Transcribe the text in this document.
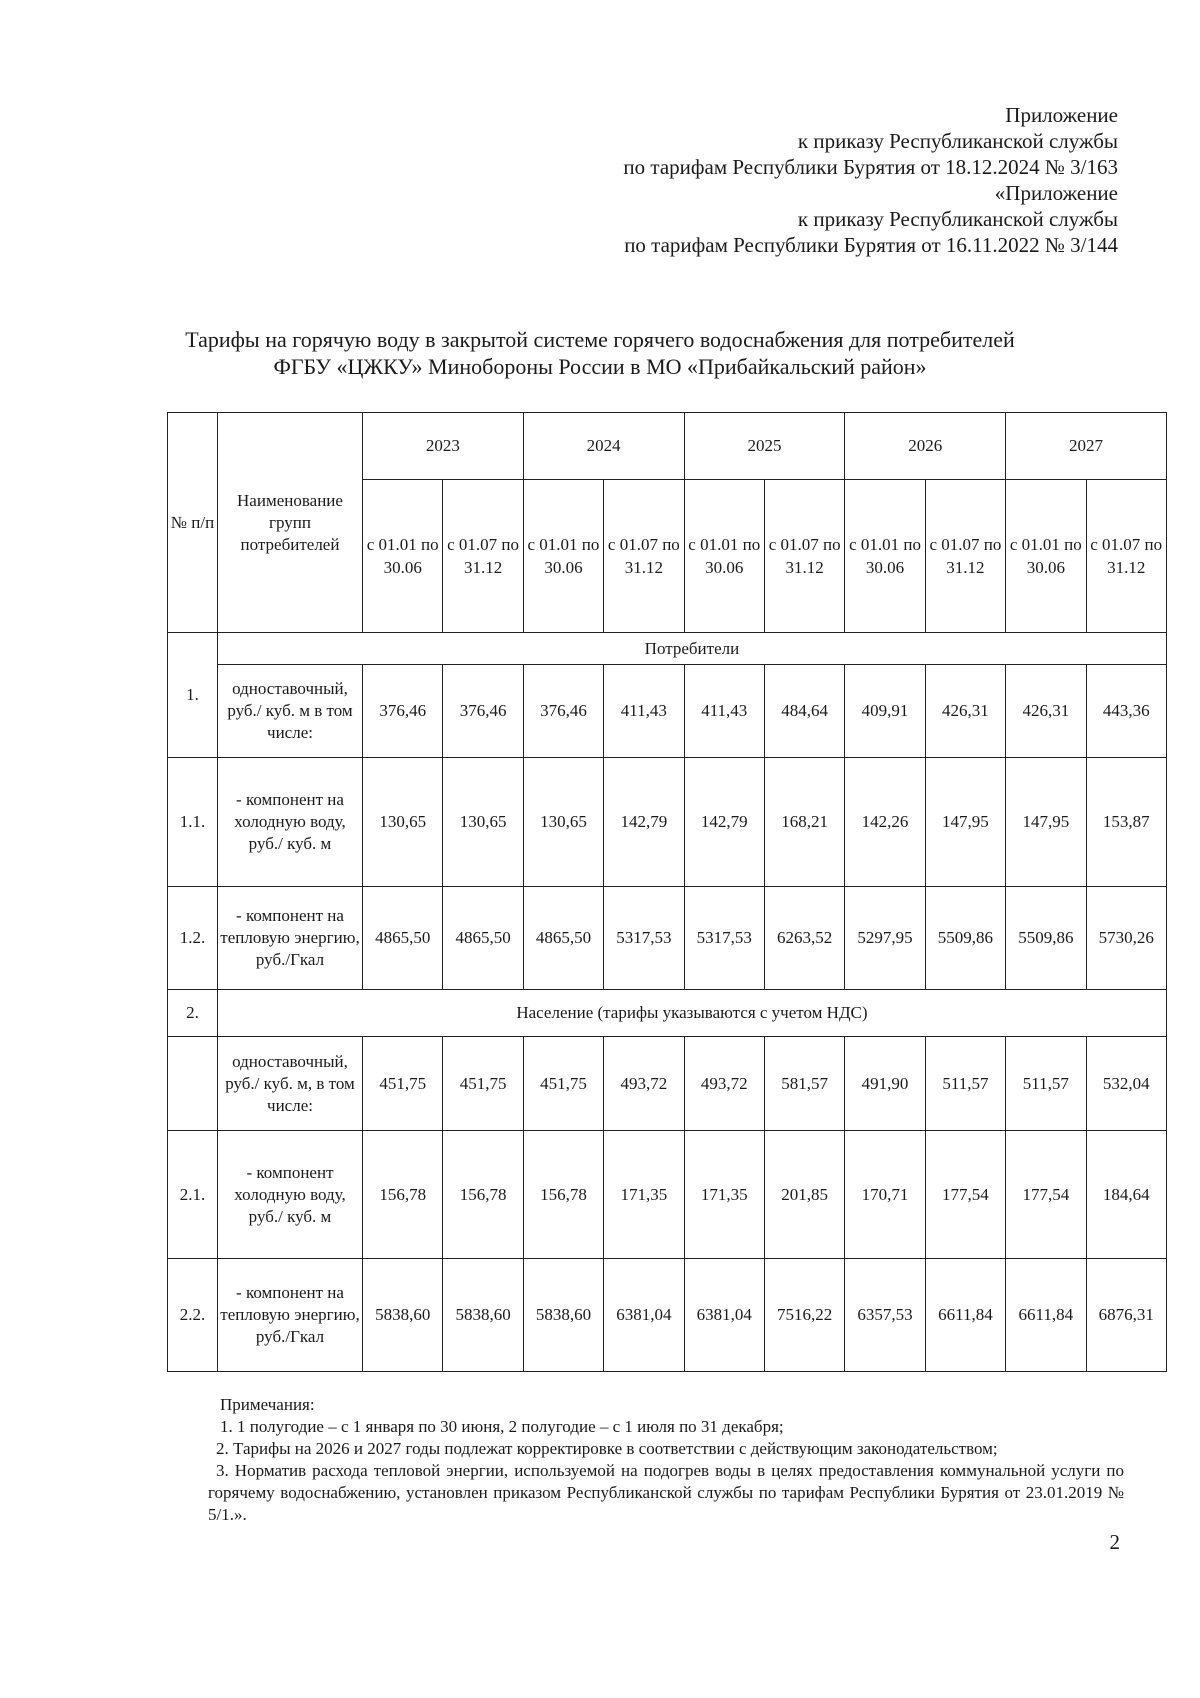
Приложение
к приказу Республиканской службы
по тарифам Республики Бурятия от 18.12.2024 № 3/163
«Приложение
к приказу Республиканской службы
по тарифам Республики Бурятия от 16.11.2022 № 3/144
Тарифы на горячую воду в закрытой системе горячего водоснабжения для потребителей
ФГБУ «ЦЖКУ» Минобороны России в МО «Прибайкальский район»
№ п/п	Наименование групп потребителей	2023		2024		2025		2026		2027	
		с 01.01 по 30.06	с 01.07 по 31.12	с 01.01 по 30.06	с 01.07 по 31.12	с 01.01 по 30.06	с 01.07 по 31.12	с 01.01 по 30.06	с 01.07 по 31.12	с 01.01 по 30.06	с 01.07 по 31.12
1.	Потребители										
	одноставочный, руб./ куб. м в том числе:	376,46	376,46	376,46	411,43	411,43	484,64	409,91	426,31	426,31	443,36
1.1.	- компонент на холодную воду, руб./ куб. м	130,65	130,65	130,65	142,79	142,79	168,21	142,26	147,95	147,95	153,87
1.2.	- компонент на тепловую энергию, руб./Гкал	4865,50	4865,50	4865,50	5317,53	5317,53	6263,52	5297,95	5509,86	5509,86	5730,26
2.	Население (тарифы указываются с учетом НДС)										
	одноставочный, руб./ куб. м, в том числе:	451,75	451,75	451,75	493,72	493,72	581,57	491,90	511,57	511,57	532,04
2.1.	- компонент холодную воду, руб./ куб. м	156,78	156,78	156,78	171,35	171,35	201,85	170,71	177,54	177,54	184,64
2.2.	- компонент на тепловую энергию, руб./Гкал	5838,60	5838,60	5838,60	6381,04	6381,04	7516,22	6357,53	6611,84	6611,84	6876,31

Примечания:

1. 1 полугодие – с 1 января по 30 июня, 2 полугодие – с 1 июля по 31 декабря;

2. Тарифы на 2026 и 2027 годы подлежат корректировке в соответствии с действующим законодательством;

3. Норматив расхода тепловой энергии, используемой на подогрев воды в целях предоставления коммунальной услуги по горячему водоснабжению, установлен приказом Республиканской службы по тарифам Республики Бурятия от 23.01.2019 № 5/1.».

2
